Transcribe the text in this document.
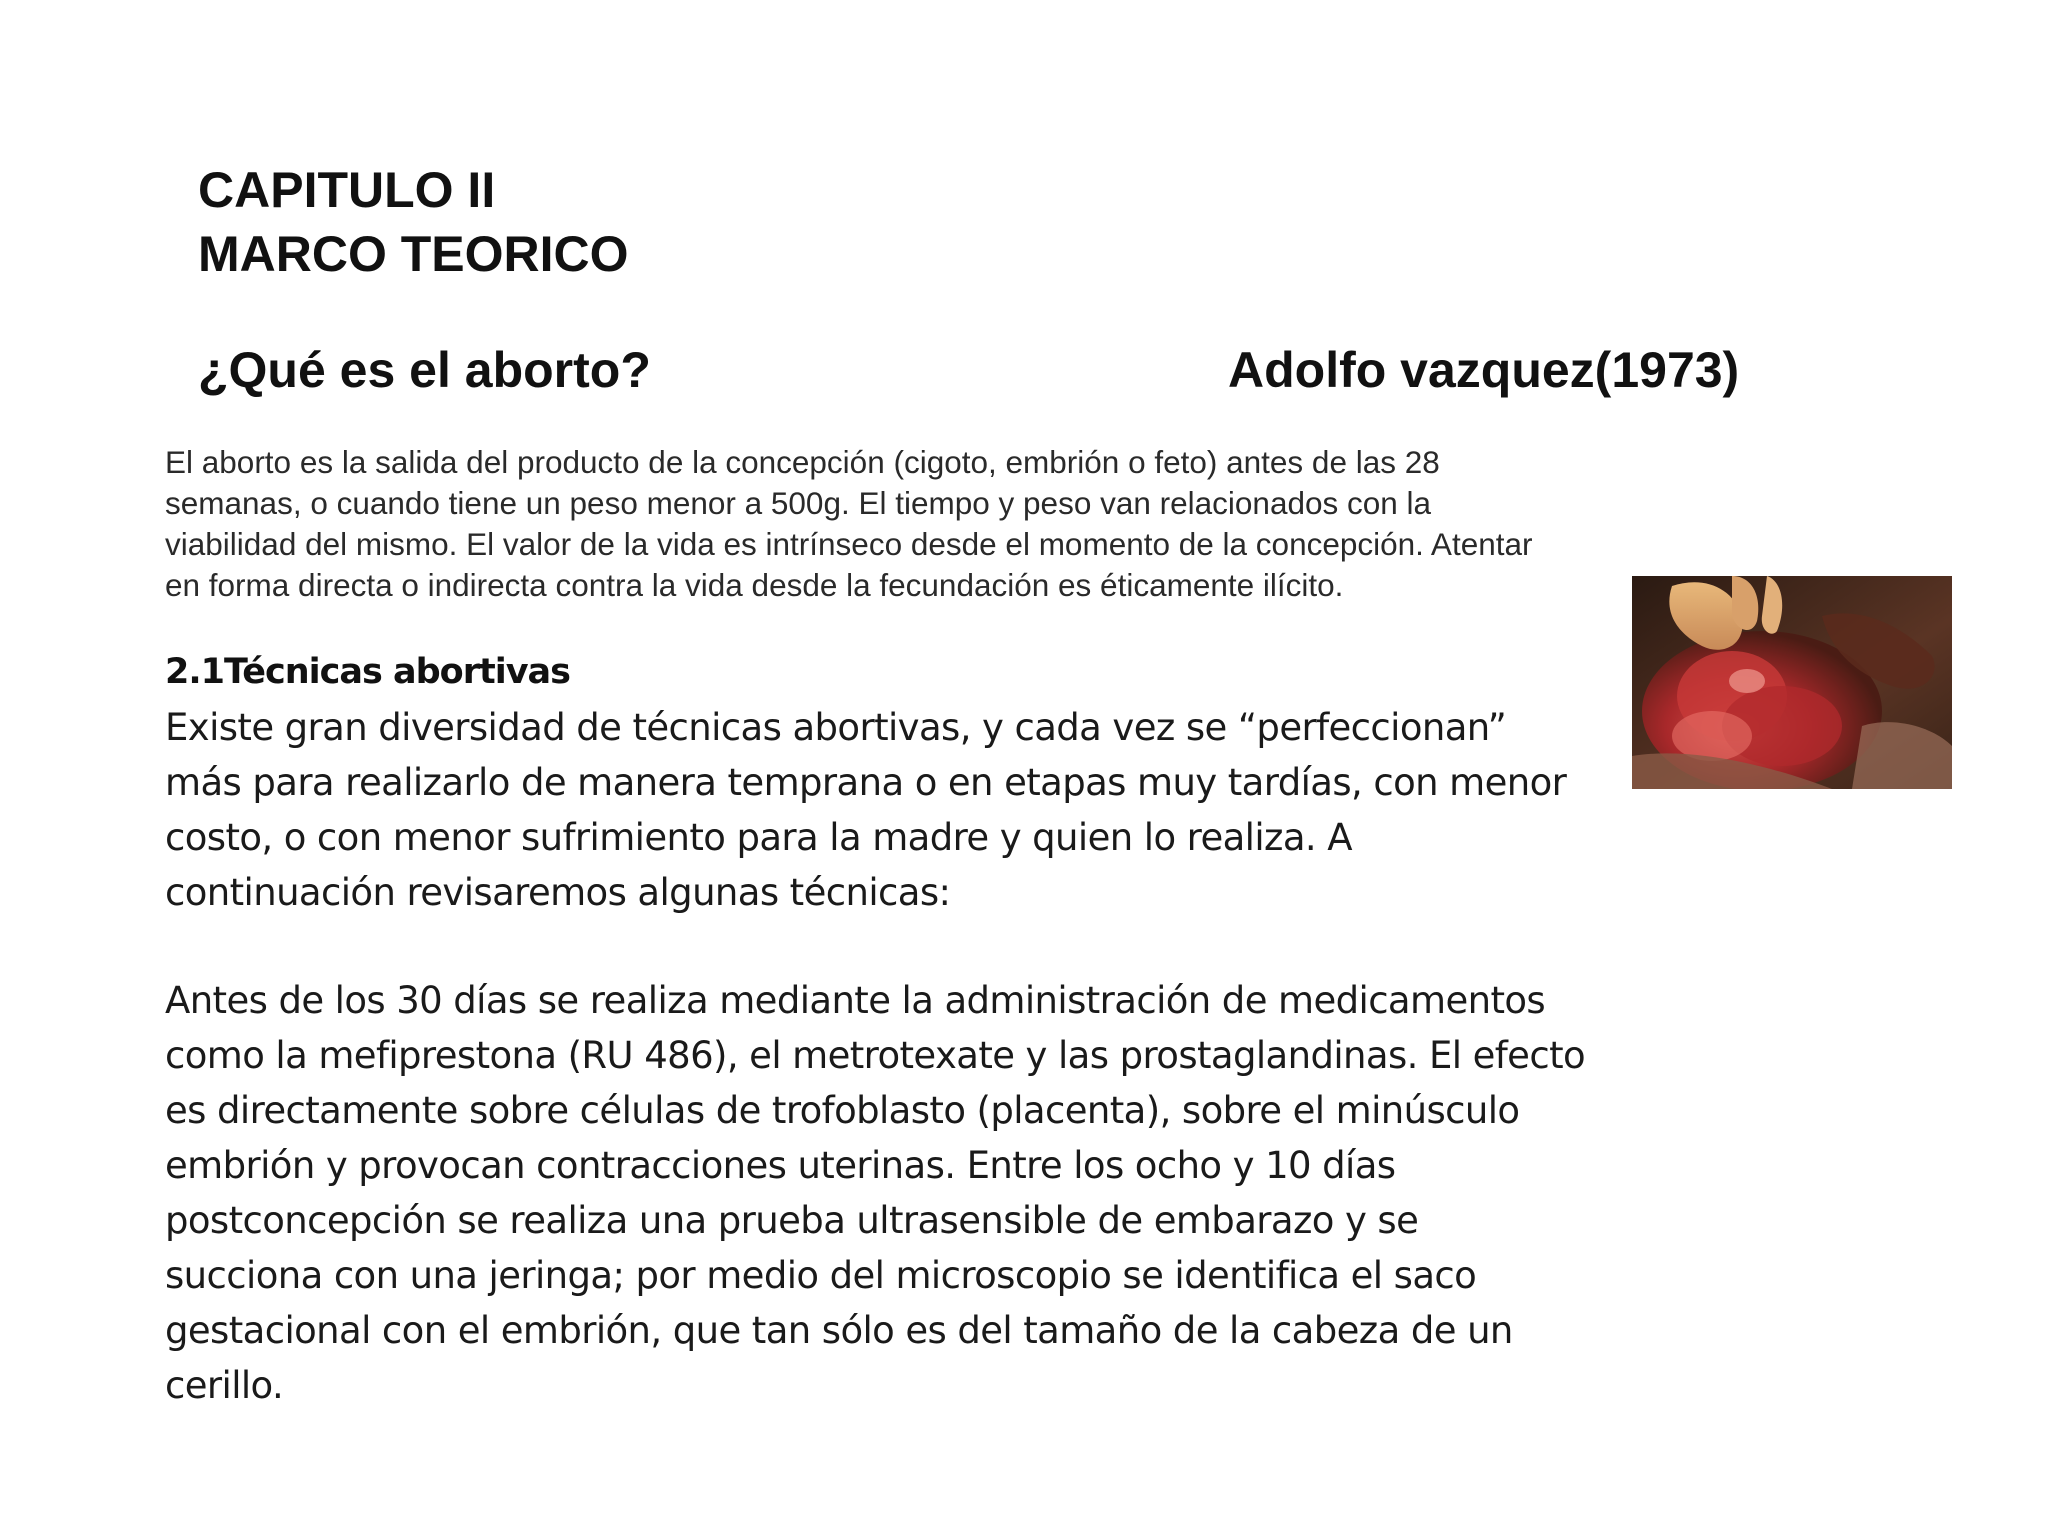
CAPITULO II
MARCO TEORICO
¿Qué es el aborto?	Adolfo vazquez(1973)

El aborto es la salida del producto de la concepción (cigoto, embrión o feto) antes de las 28 semanas, o cuando tiene un peso menor a 500g. El tiempo y peso van relacionados con la viabilidad del mismo. El valor de la vida es intrínseco desde el momento de la concepción. Atentar en forma directa o indirecta contra la vida desde la fecundación es éticamente ilícito.

2.1Técnicas abortivas

Existe gran diversidad de técnicas abortivas, y cada vez se “perfeccionan” más para realizarlo de manera temprana o en etapas muy tardías, con menor costo, o con menor sufrimiento para la madre y quien lo realiza. A continuación revisaremos algunas técnicas:

Antes de los 30 días se realiza mediante la administración de medicamentos como la mefiprestona (RU 486), el metrotexate y las prostaglandinas. El efecto es directamente sobre células de trofoblasto (placenta), sobre el minúsculo embrión y provocan contracciones uterinas. Entre los ocho y 10 días postconcepción se realiza una prueba ultrasensible de embarazo y se succiona con una jeringa; por medio del microscopio se identifica el saco gestacional con el embrión, que tan sólo es del tamaño de la cabeza de un cerillo.
